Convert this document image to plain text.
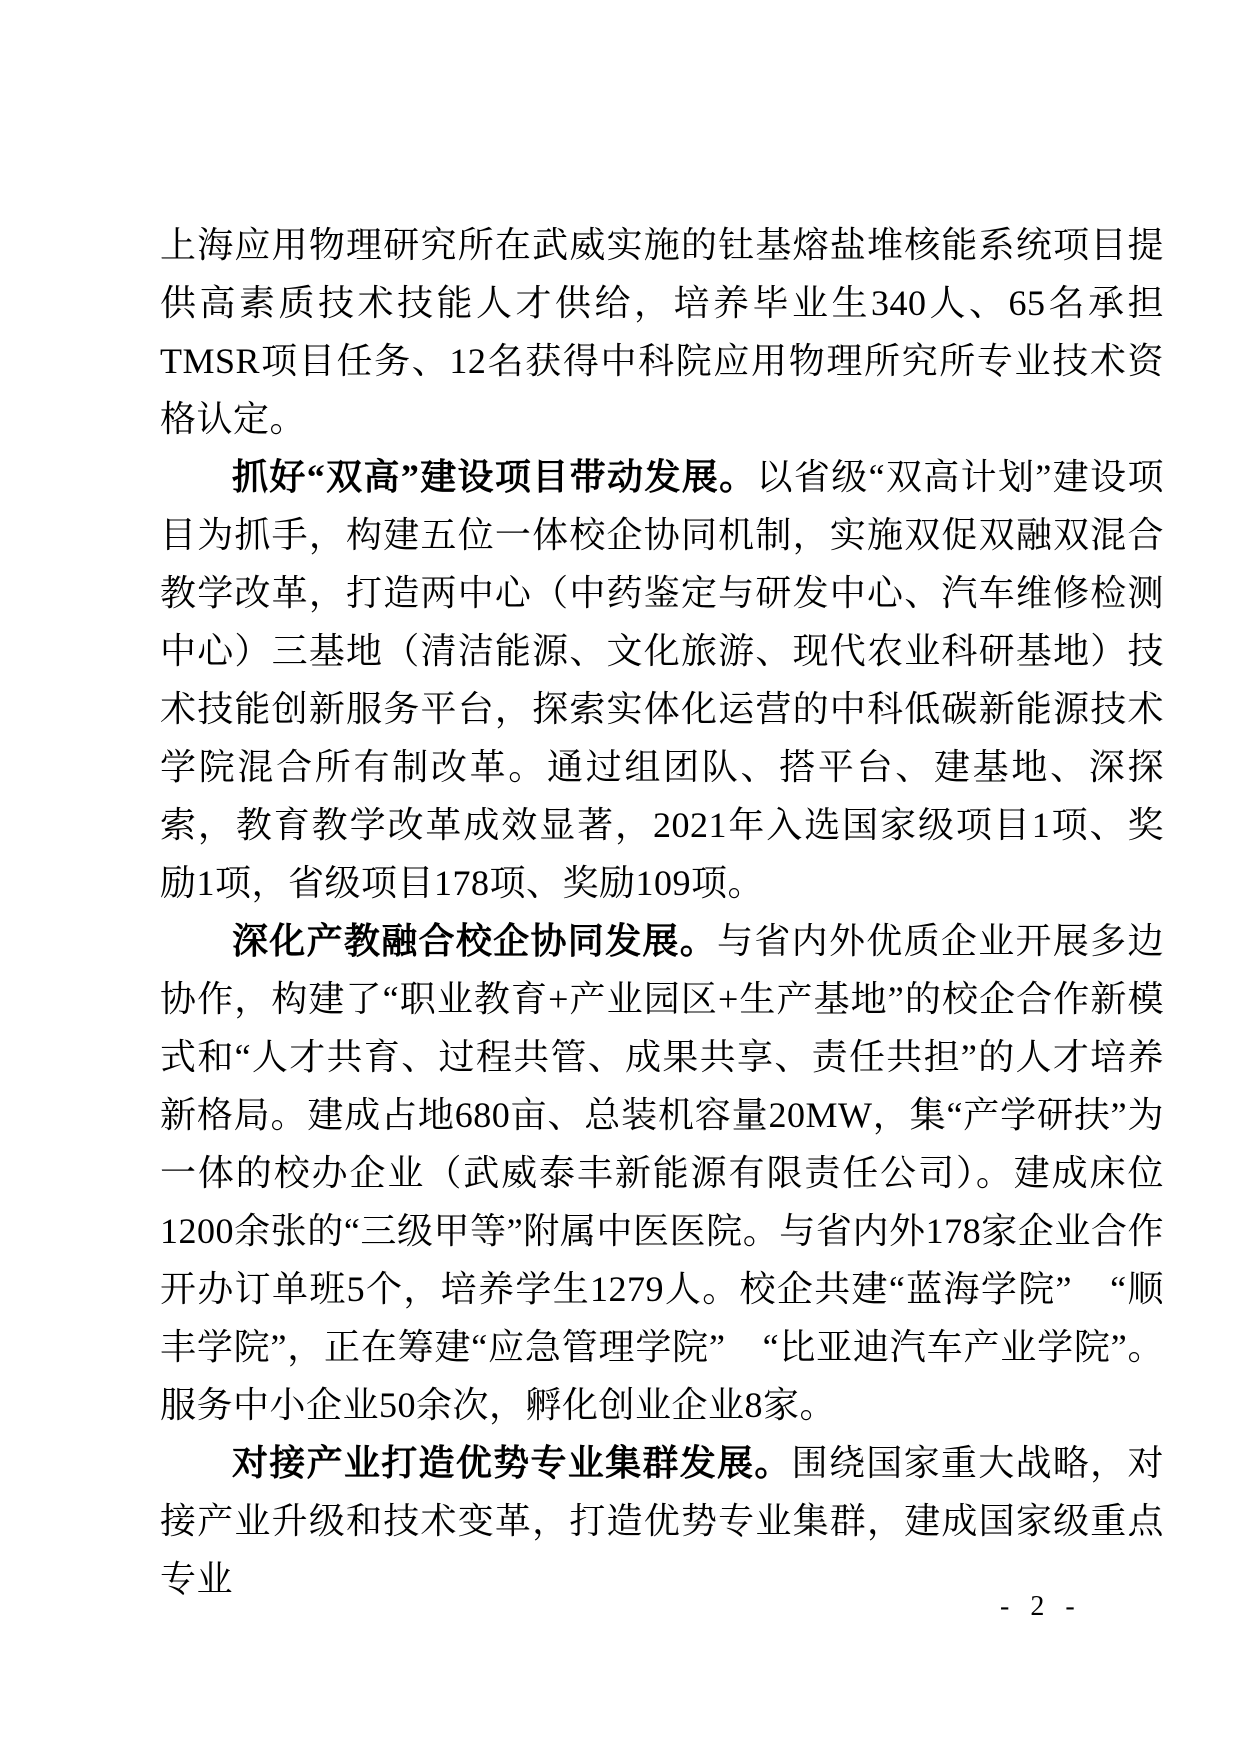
上海应用物理研究所在武威实施的钍基熔盐堆核能系统项目提供高素质技术技能人才供给，培养毕业生340人、65名承担TMSR项目任务、12名获得中科院应用物理所究所专业技术资格认定。

抓好“双高”建设项目带动发展。以省级“双高计划”建设项目为抓手，构建五位一体校企协同机制，实施双促双融双混合教学改革，打造两中心（中药鉴定与研发中心、汽车维修检测中心）三基地（清洁能源、文化旅游、现代农业科研基地）技术技能创新服务平台，探索实体化运营的中科低碳新能源技术学院混合所有制改革。通过组团队、搭平台、建基地、深探索，教育教学改革成效显著，2021年入选国家级项目1项、奖励1项，省级项目178项、奖励109项。

深化产教融合校企协同发展。与省内外优质企业开展多边协作，构建了“职业教育+产业园区+生产基地”的校企合作新模式和“人才共育、过程共管、成果共享、责任共担”的人才培养新格局。建成占地680亩、总装机容量20MW，集“产学研扶”为一体的校办企业（武威泰丰新能源有限责任公司）。建成床位1200余张的“三级甲等”附属中医医院。与省内外178家企业合作开办订单班5个，培养学生1279人。校企共建“蓝海学院”　“顺丰学院”，正在筹建“应急管理学院”　“比亚迪汽车产业学院”。服务中小企业50余次，孵化创业企业8家。

对接产业打造优势专业集群发展。围绕国家重大战略，对接产业升级和技术变革，打造优势专业集群，建成国家级重点专业

- 2 -
